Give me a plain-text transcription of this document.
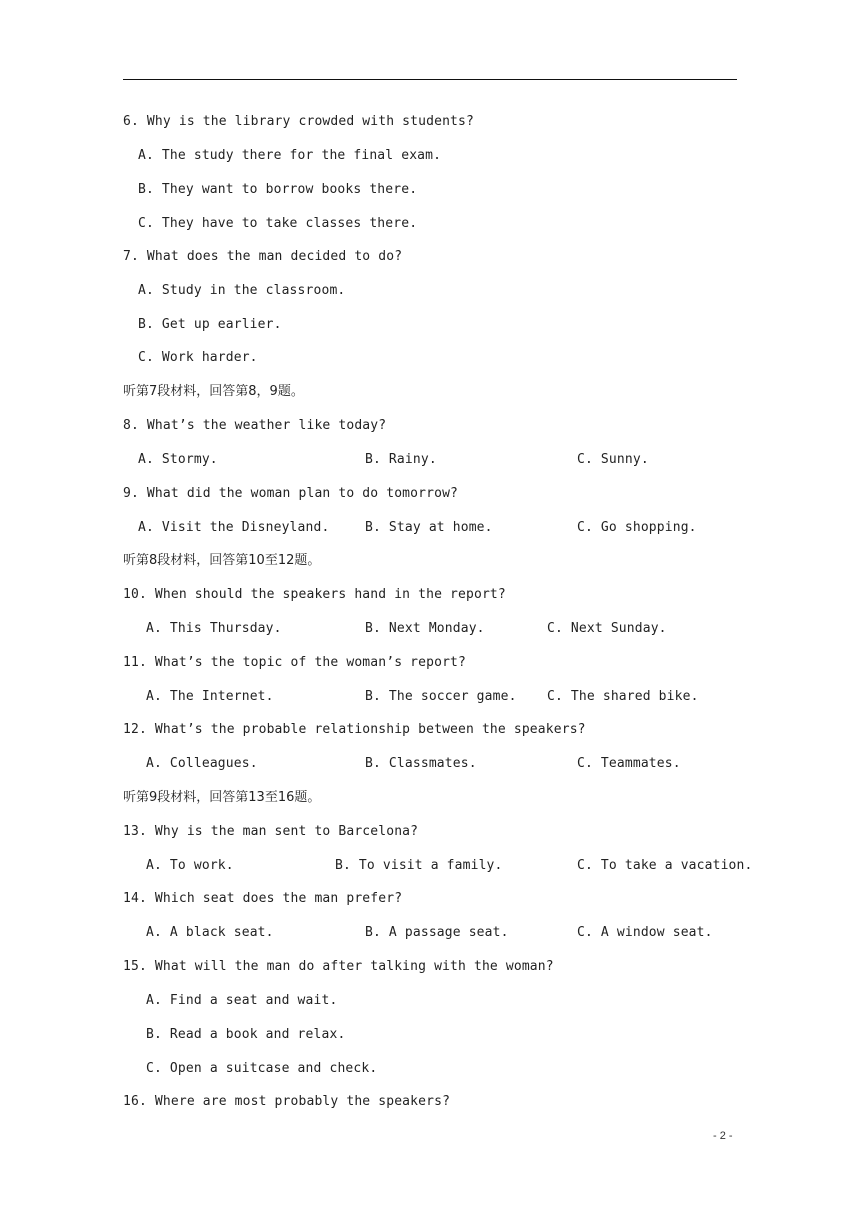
6. Why is the library crowded with students?
A. The study there for the final exam.
B. They want to borrow books there.
C. They have to take classes there.
7. What does the man decided to do?
A. Study in the classroom.
B. Get up earlier.
C. Work harder.
听第7段材料，回答第8，9题。
8. What’s the weather like today?
A. Stormy.	B. Rainy.	C. Sunny.
9. What did the woman plan to do tomorrow?
A. Visit the Disneyland.	B. Stay at home.	C. Go shopping.
听第8段材料，回答第10至12题。
10. When should the speakers hand in the report?
A. This Thursday.	B. Next Monday.	C. Next Sunday.
11. What’s the topic of the woman’s report?
A. The Internet.	B. The soccer game. C. The shared bike.
12. What’s the probable relationship between the speakers?
A. Colleagues.	B. Classmates.	C. Teammates.
听第9段材料，回答第13至16题。
13. Why is the man sent to Barcelona?
A. To work.	B. To visit a family.	C. To take a vacation.
14. Which seat does the man prefer?
A. A black seat.	B. A passage seat.	C. A window seat.
15. What will the man do after talking with the woman?
A. Find a seat and wait.
B. Read a book and relax.
C. Open a suitcase and check.
16. Where are most probably the speakers?
- 2 -
